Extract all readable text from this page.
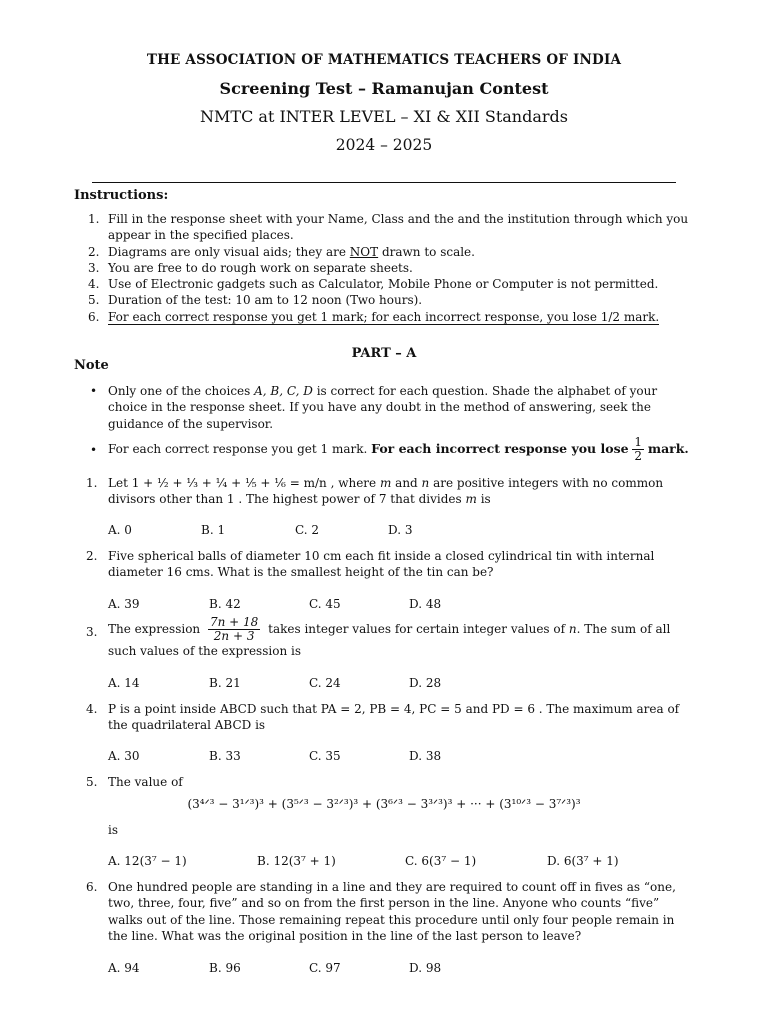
THE ASSOCIATION OF MATHEMATICS TEACHERS OF INDIA
Screening Test – Ramanujan Contest
NMTC at INTER LEVEL – XI & XII Standards
2024 – 2025
Instructions:
1. Fill in the response sheet with your Name, Class and the and the institution through which you appear in the specified places.
2. Diagrams are only visual aids; they are NOT drawn to scale.
3. You are free to do rough work on separate sheets.
4. Use of Electronic gadgets such as Calculator, Mobile Phone or Computer is not permitted.
5. Duration of the test: 10 am to 12 noon (Two hours).
6. For each correct response you get 1 mark; for each incorrect response, you lose 1/2 mark.
PART – A
Note
• Only one of the choices A, B, C, D is correct for each question. Shade the alphabet of your choice in the response sheet. If you have any doubt in the method of answering, seek the guidance of the supervisor.
• For each correct response you get 1 mark. For each incorrect response you lose $\frac{1}{2}$ mark.
1. Let 1 + ½ + ⅓ + ¼ + ⅕ + ⅙ = m/n , where m and n are positive integers with no common divisors other than 1 . The highest power of 7 that divides m is
A. 0	B. 1	C. 2	D. 3
2. Five spherical balls of diameter 10 cm each fit inside a closed cylindrical tin with internal diameter 16 cms. What is the smallest height of the tin can be?
A. 39	B. 42	C. 45	D. 48
3. The expression $\frac{7n + 18}{2n + 3}$ takes integer values for certain integer values of n. The sum of all such values of the expression is
A. 14	B. 21	C. 24	D. 28
4. P is a point inside ABCD such that PA = 2, PB = 4, PC = 5 and PD = 6 . The maximum area of the quadrilateral ABCD is
A. 30	B. 33	C. 35	D. 38
5. The value of
(3⁴ᐟ³ − 3¹ᐟ³)³ + (3⁵ᐟ³ − 3²ᐟ³)³ + (3⁶ᐟ³ − 3³ᐟ³)³ + ··· + (3¹⁰ᐟ³ − 3⁷ᐟ³)³
is
A. 12(3⁷ − 1)	B. 12(3⁷ + 1)	C. 6(3⁷ − 1)	D. 6(3⁷ + 1)
6. One hundred people are standing in a line and they are required to count off in fives as “one, two, three, four, five” and so on from the first person in the line. Anyone who counts “five” walks out of the line. Those remaining repeat this procedure until only four people remain in the line. What was the original position in the line of the last person to leave?
A. 94	B. 96	C. 97	D. 98
